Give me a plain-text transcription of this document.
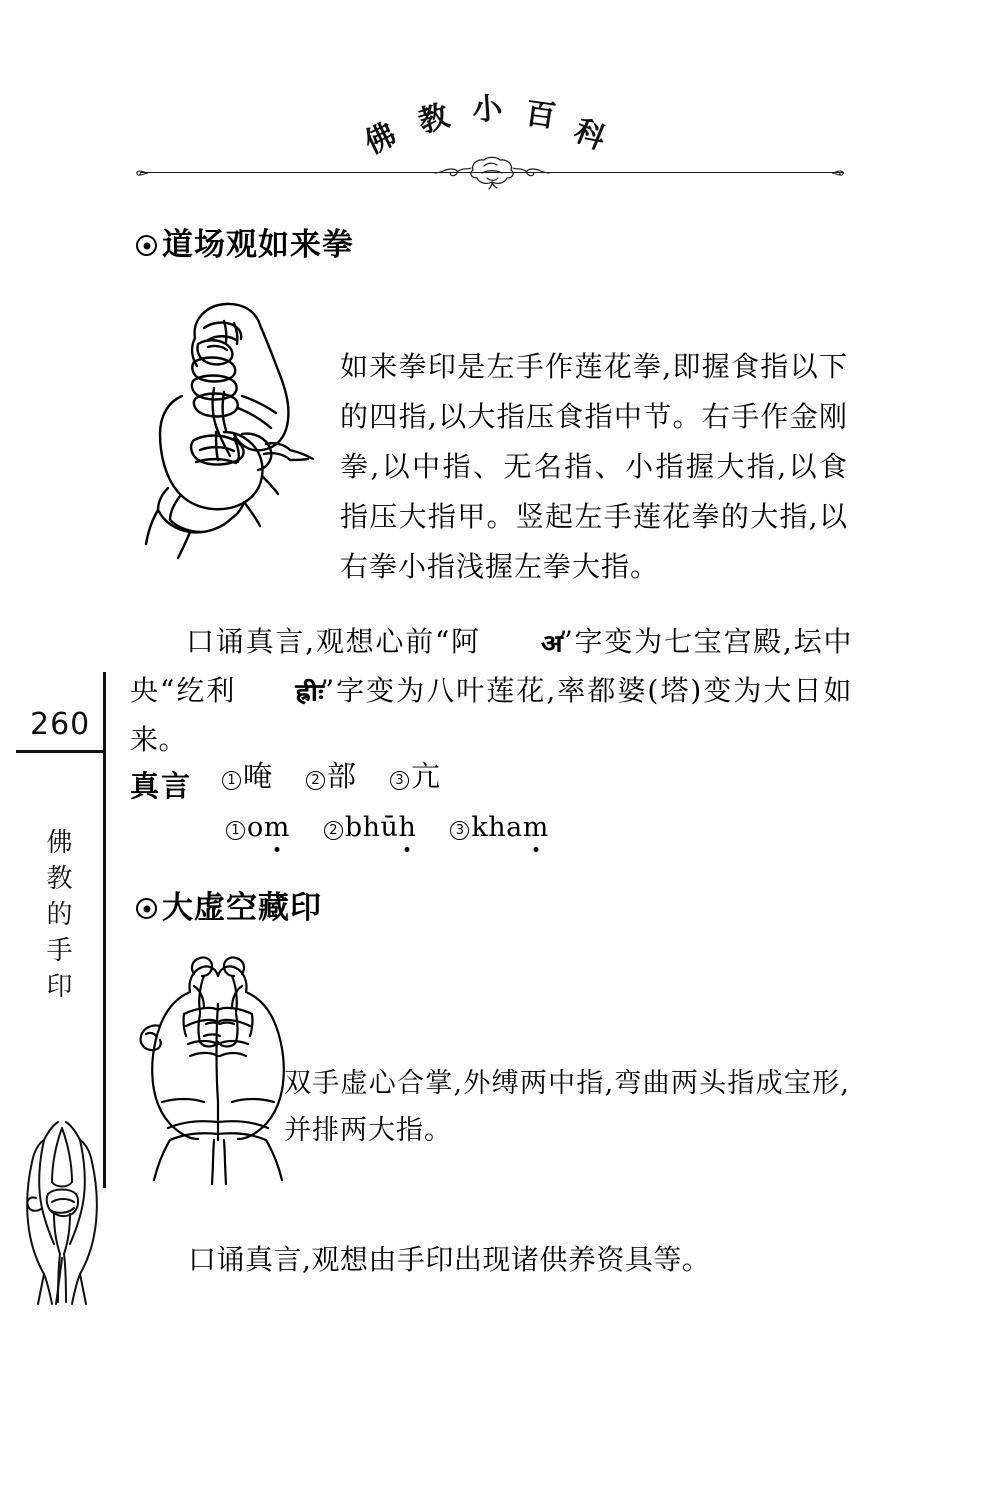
佛 教 小 百 科
道场观如来拳
如来拳印是左手作莲花拳,即握食指以下的四指,以大指压食指中节。右手作金刚拳,以中指、无名指、小指握大指,以食指压大指甲。竖起左手莲花拳的大指,以右拳小指浅握左拳大指。
口诵真言,观想心前“阿 अ”字变为七宝宫殿,坛中央“纥利 ह्रीः”字变为八叶莲花,率都婆(塔)变为大日如来。
真言	1 唵	2 部	3 亢
1 om	2 bhūh	3 kham
大虚空藏印
双手虚心合掌,外缚两中指,弯曲两头指成宝形,并排两大指。
口诵真言,观想由手印出现诸供养资具等。
260
佛教的手印
